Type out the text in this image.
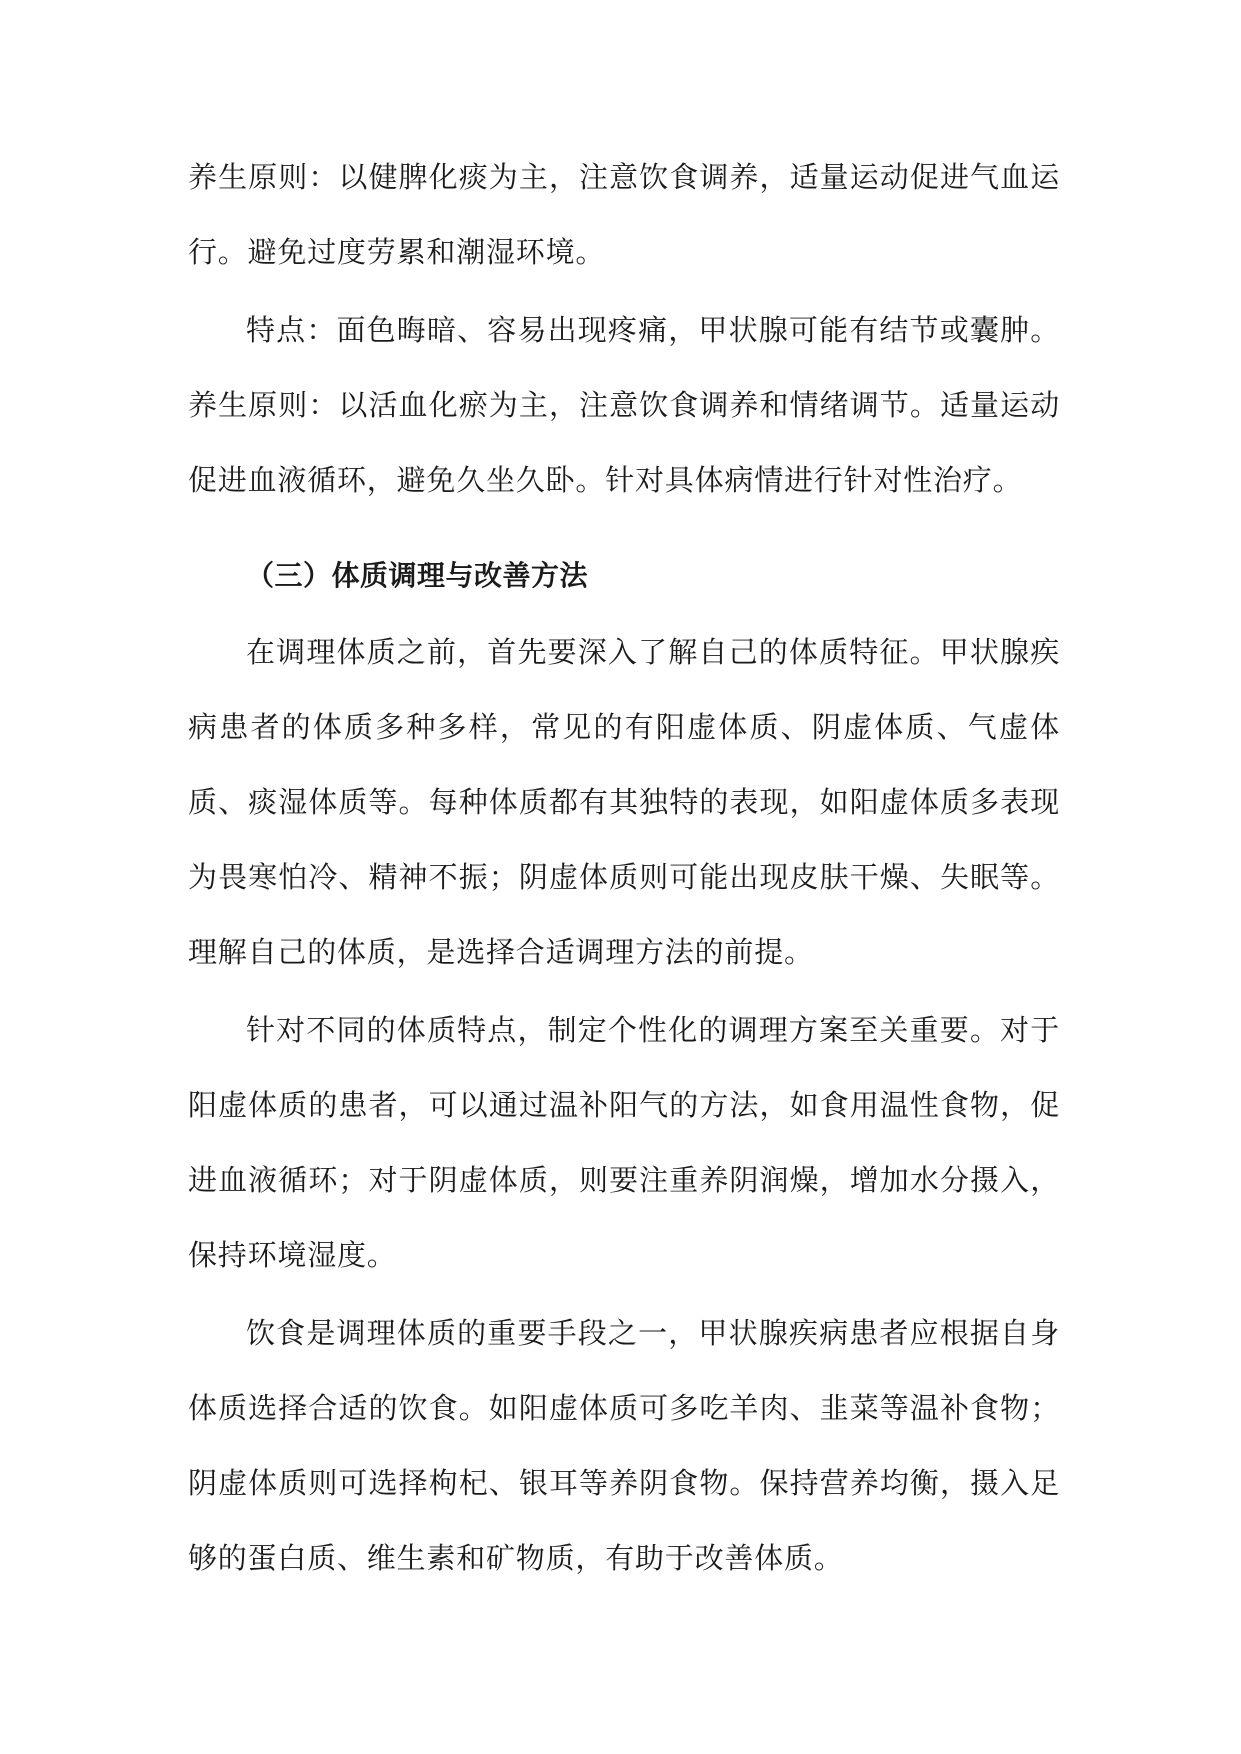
养生原则：以健脾化痰为主，注意饮食调养，适量运动促进气血运行。避免过度劳累和潮湿环境。

特点：面色晦暗、容易出现疼痛，甲状腺可能有结节或囊肿。养生原则：以活血化瘀为主，注意饮食调养和情绪调节。适量运动促进血液循环，避免久坐久卧。针对具体病情进行针对性治疗。

（三）体质调理与改善方法

在调理体质之前，首先要深入了解自己的体质特征。甲状腺疾病患者的体质多种多样，常见的有阳虚体质、阴虚体质、气虚体质、痰湿体质等。每种体质都有其独特的表现，如阳虚体质多表现为畏寒怕冷、精神不振；阴虚体质则可能出现皮肤干燥、失眠等。理解自己的体质，是选择合适调理方法的前提。

针对不同的体质特点，制定个性化的调理方案至关重要。对于阳虚体质的患者，可以通过温补阳气的方法，如食用温性食物，促进血液循环；对于阴虚体质，则要注重养阴润燥，增加水分摄入，保持环境湿度。

饮食是调理体质的重要手段之一，甲状腺疾病患者应根据自身体质选择合适的饮食。如阳虚体质可多吃羊肉、韭菜等温补食物；阴虚体质则可选择枸杞、银耳等养阴食物。保持营养均衡，摄入足够的蛋白质、维生素和矿物质，有助于改善体质。
